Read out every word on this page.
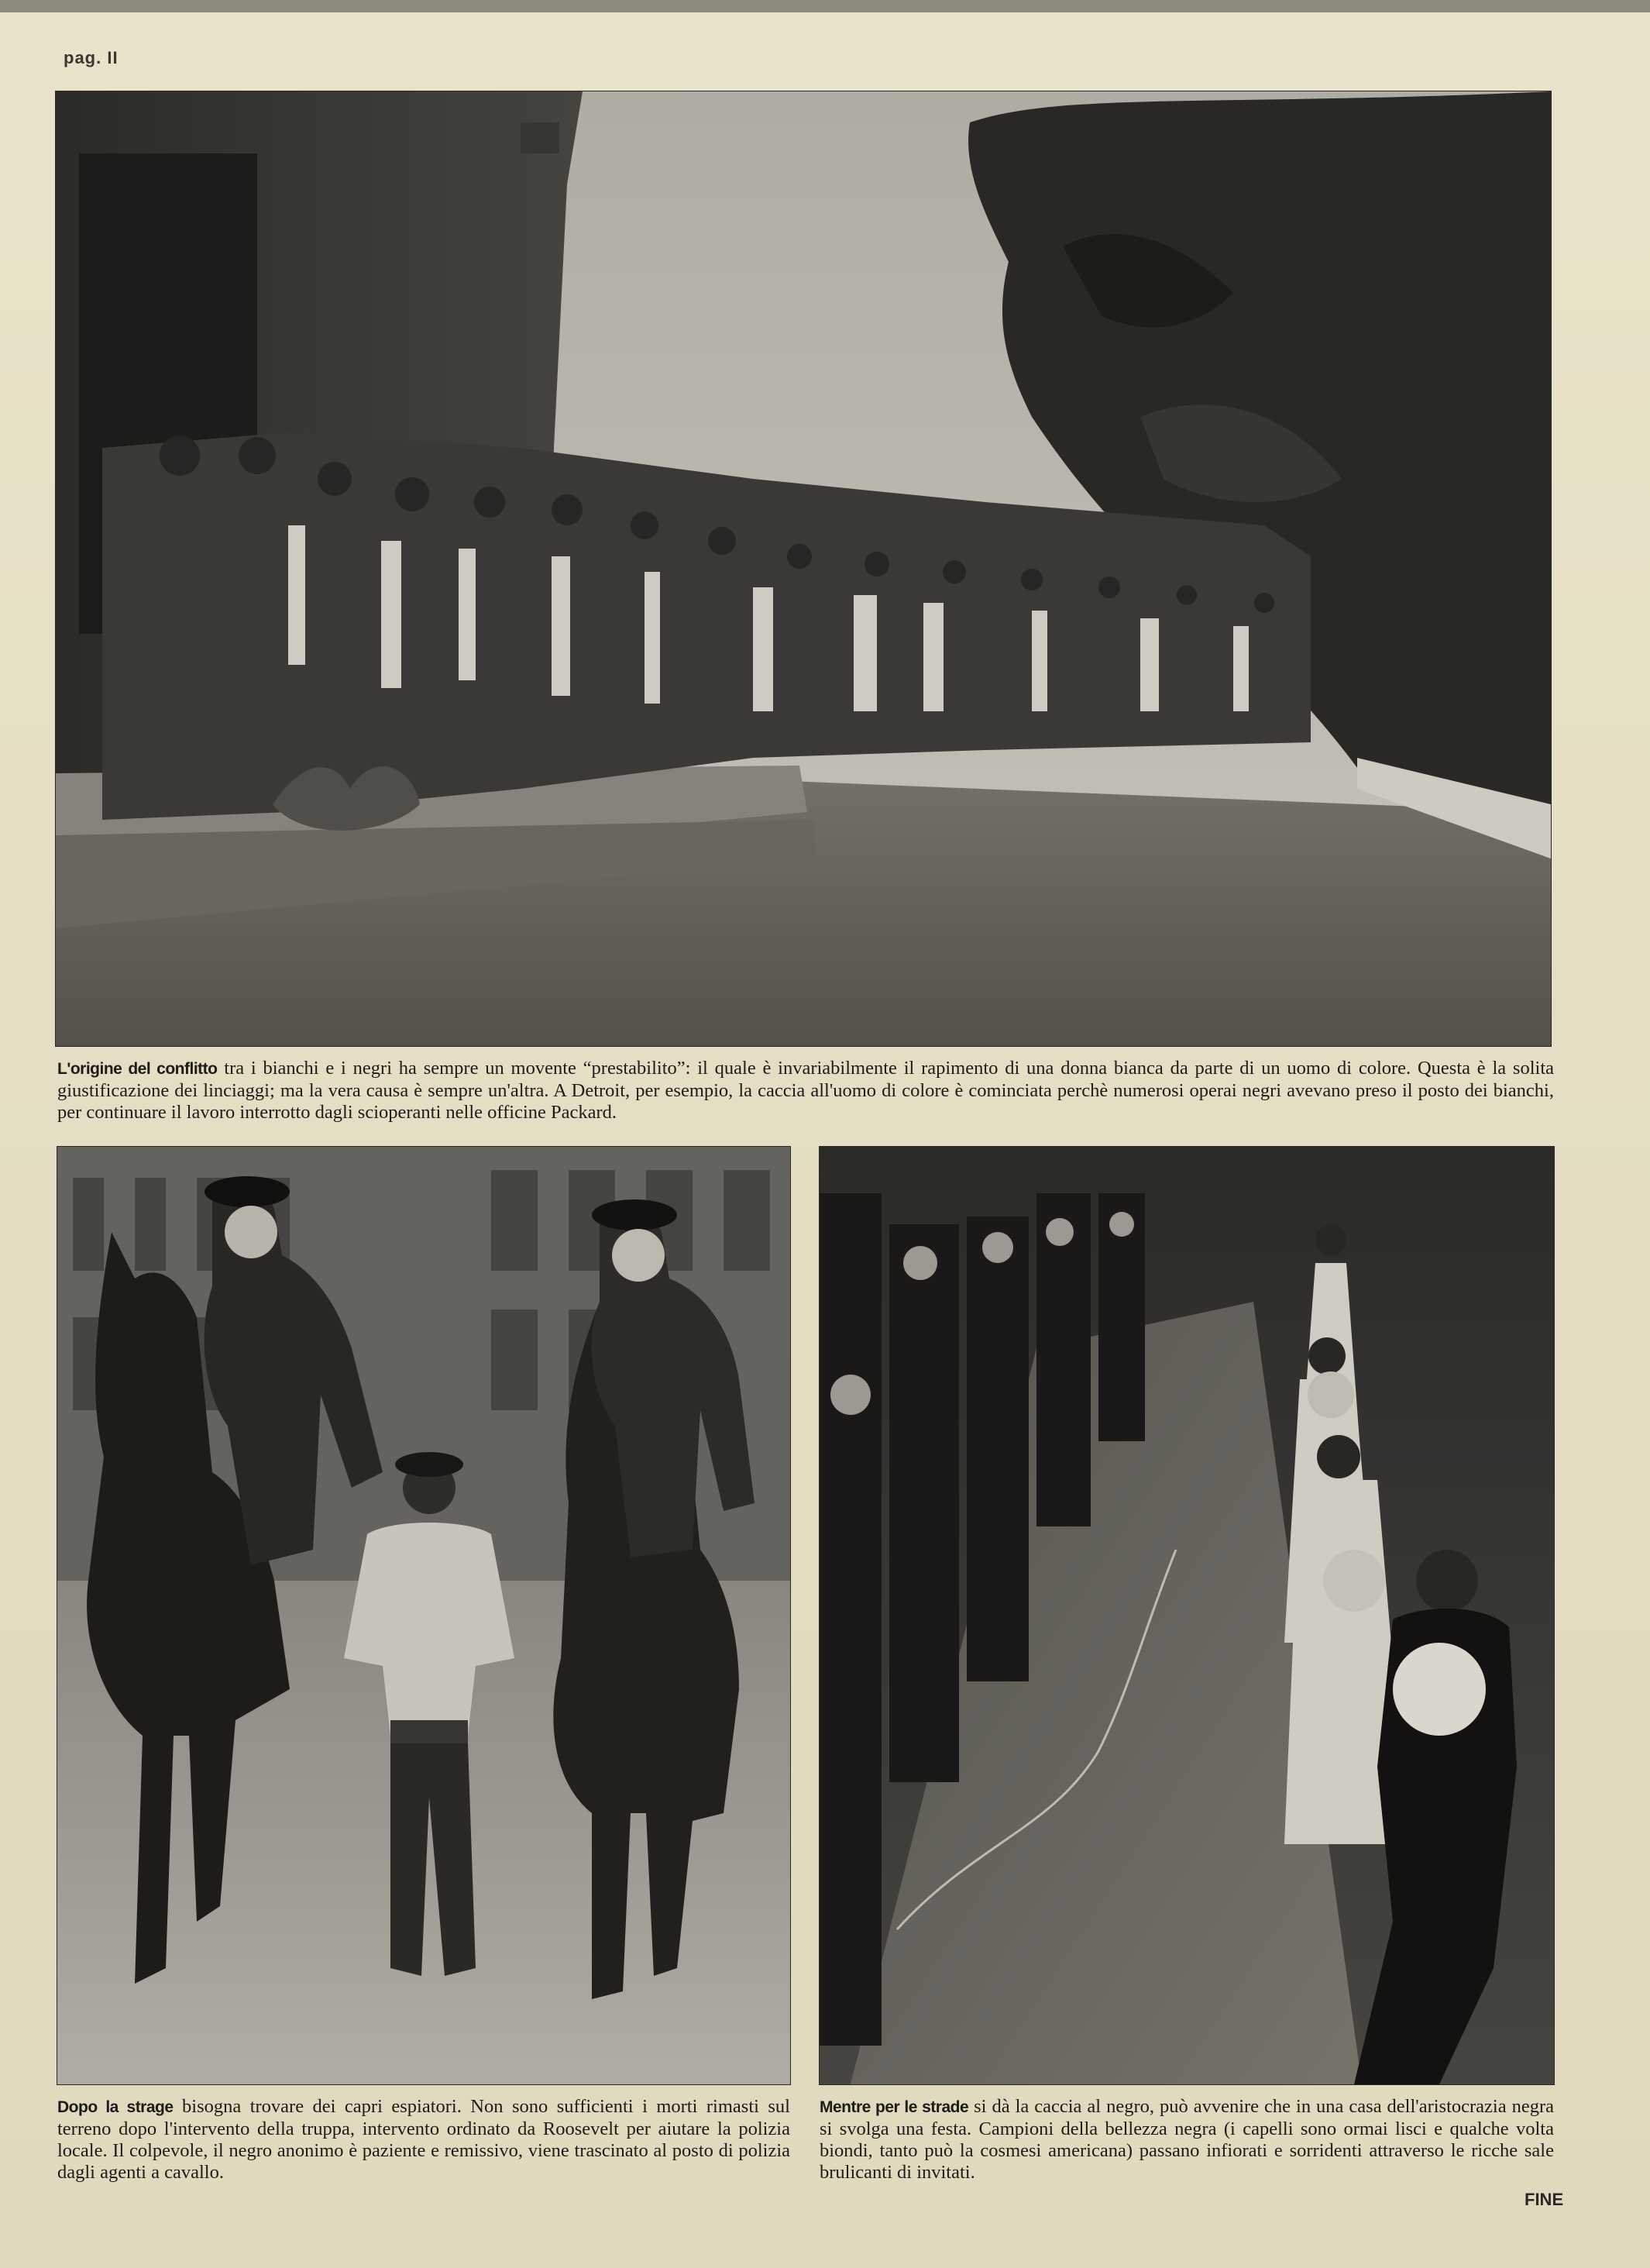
pag. II
L'origine del conflitto tra i bianchi e i negri ha sempre un movente “prestabilito”: il quale è invariabilmente il rapimento di una donna bianca da parte di un uomo di colore. Questa è la solita giustificazione dei linciaggi; ma la vera causa è sempre un'altra. A Detroit, per esempio, la caccia all'uomo di colore è cominciata perchè numerosi operai negri avevano preso il posto dei bianchi, per continuare il lavoro interrotto dagli scioperanti nelle officine Packard.
Dopo la strage bisogna trovare dei capri espiatori. Non sono sufficienti i morti rimasti sul terreno dopo l'intervento della truppa, intervento ordinato da Roosevelt per aiutare la polizia locale. Il colpevole, il negro anonimo è paziente e remissivo, viene trascinato al posto di polizia dagli agenti a cavallo.
Mentre per le strade si dà la caccia al negro, può avvenire che in una casa dell'aristocrazia negra si svolga una festa. Campioni della bellezza negra (i capelli sono ormai lisci e qualche volta biondi, tanto può la cosmesi americana) passano infiorati e sorridenti attraverso le ricche sale brulicanti di invitati.
FINE
